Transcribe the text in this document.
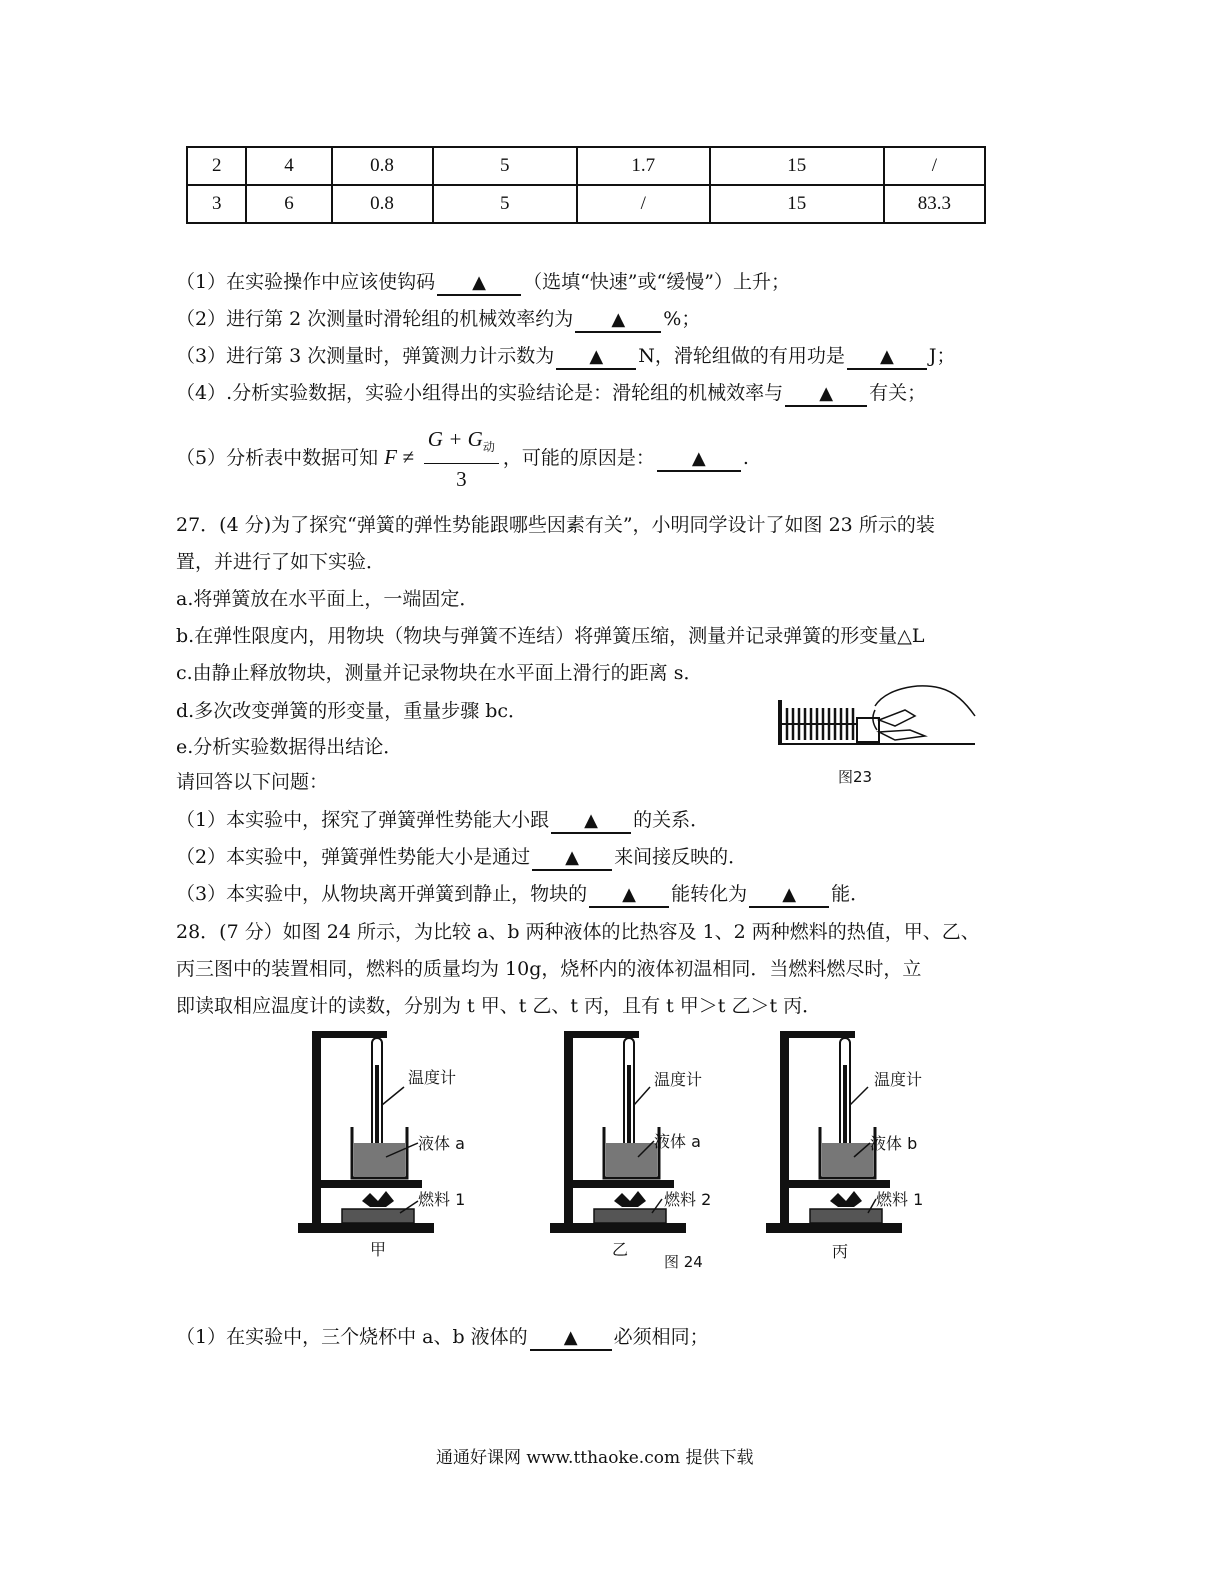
2	4	0.8	5	1.7	15	/
3	6	0.8	5	/	15	83.3
（1）在实验操作中应该使钩码 ▲ （选填“快速”或“缓慢”）上升；
（2）进行第 2 次测量时滑轮组的机械效率约为 ▲ %；
（3）进行第 3 次测量时，弹簧测力计示数为 ▲ N，滑轮组做的有用功是 ▲ J；
（4）.分析实验数据，实验小组得出的实验结论是：滑轮组的机械效率与 ▲ 有关；
（5）分析表中数据可知 $F \ne \frac{G + G_动}{3}$ ，可能的原因是： ▲ .
27．(4 分)为了探究“弹簧的弹性势能跟哪些因素有关”，小明同学设计了如图 23 所示的装
置，并进行了如下实验．
a.将弹簧放在水平面上，一端固定．
b.在弹性限度内，用物块（物块与弹簧不连结）将弹簧压缩，测量并记录弹簧的形变量△L
c.由静止释放物块，测量并记录物块在水平面上滑行的距离 s．
d.多次改变弹簧的形变量，重量步骤 bc．
e.分析实验数据得出结论．
请回答以下问题：	图23
（1）本实验中，探究了弹簧弹性势能大小跟 ▲ 的关系．
（2）本实验中，弹簧弹性势能大小是通过 ▲ 来间接反映的．
（3）本实验中，从物块离开弹簧到静止，物块的 ▲ 能转化为 ▲ 能．
28．(7 分）如图 24 所示，为比较 a、b 两种液体的比热容及 1、2 两种燃料的热值，甲、乙、
丙三图中的装置相同，燃料的质量均为 10g，烧杯内的液体初温相同．当燃料燃尽时，立
即读取相应温度计的读数，分别为 t 甲、t 乙、t 丙，且有 t 甲＞t 乙＞t 丙．
温度计
液体 a
燃料 1
甲
温度计
液体 a
燃料 2
乙
温度计
液体 b
燃料 1
丙
图 24
（1）在实验中，三个烧杯中 a、b 液体的 ▲ 必须相同；
通通好课网 www.tthaoke.com 提供下载
